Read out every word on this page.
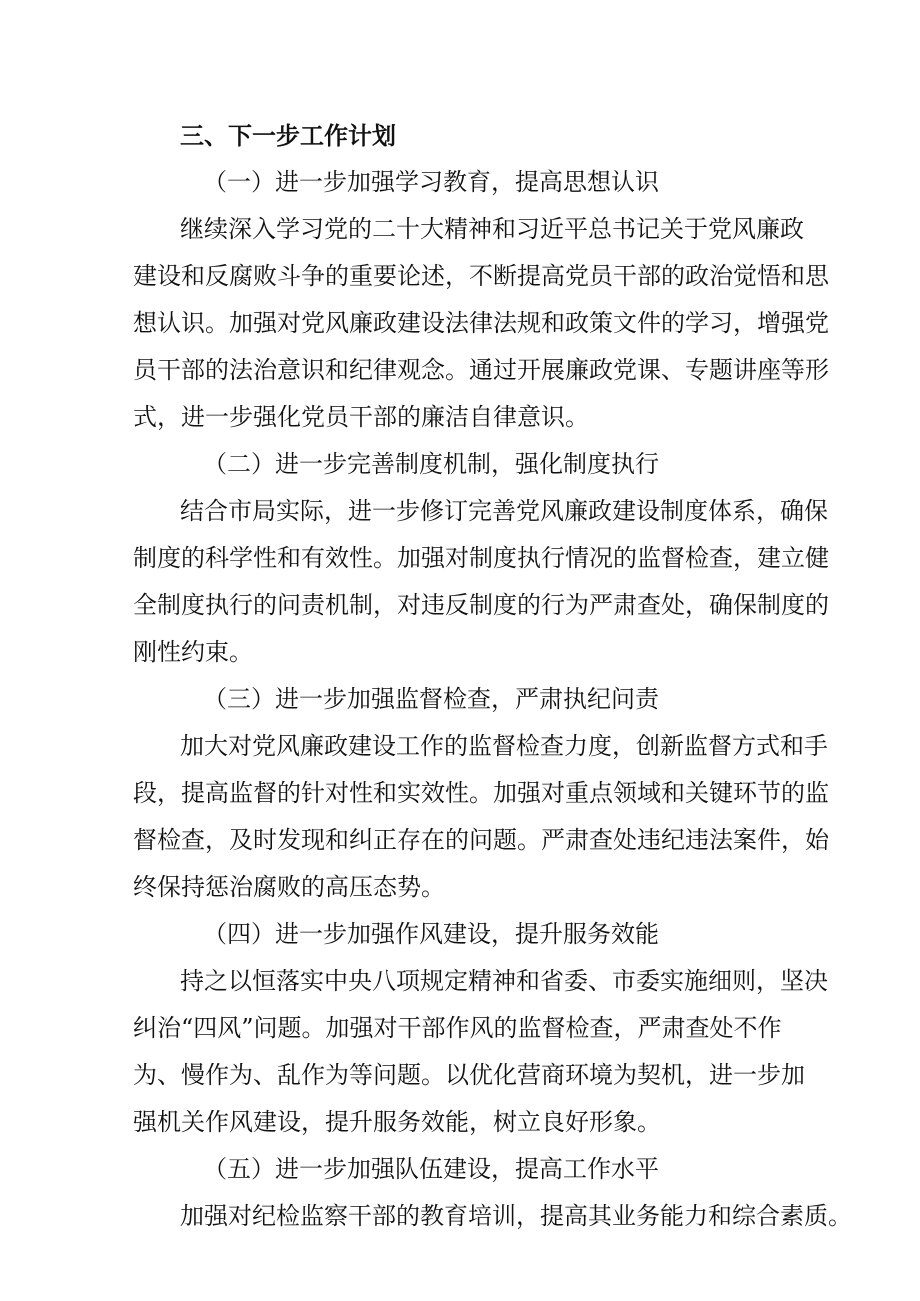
三、下一步工作计划
（一）进一步加强学习教育，提高思想认识
继续深入学习党的二十大精神和习近平总书记关于党风廉政
建设和反腐败斗争的重要论述，不断提高党员干部的政治觉悟和思
想认识。加强对党风廉政建设法律法规和政策文件的学习，增强党
员干部的法治意识和纪律观念。通过开展廉政党课、专题讲座等形
式，进一步强化党员干部的廉洁自律意识。
（二）进一步完善制度机制，强化制度执行
结合市局实际，进一步修订完善党风廉政建设制度体系，确保
制度的科学性和有效性。加强对制度执行情况的监督检查，建立健
全制度执行的问责机制，对违反制度的行为严肃查处，确保制度的
刚性约束。
（三）进一步加强监督检查，严肃执纪问责
加大对党风廉政建设工作的监督检查力度，创新监督方式和手
段，提高监督的针对性和实效性。加强对重点领域和关键环节的监
督检查，及时发现和纠正存在的问题。严肃查处违纪违法案件，始
终保持惩治腐败的高压态势。
（四）进一步加强作风建设，提升服务效能
持之以恒落实中央八项规定精神和省委、市委实施细则，坚决
纠治“四风”问题。加强对干部作风的监督检查，严肃查处不作
为、慢作为、乱作为等问题。以优化营商环境为契机，进一步加
强机关作风建设，提升服务效能，树立良好形象。
（五）进一步加强队伍建设，提高工作水平
加强对纪检监察干部的教育培训，提高其业务能力和综合素质。
